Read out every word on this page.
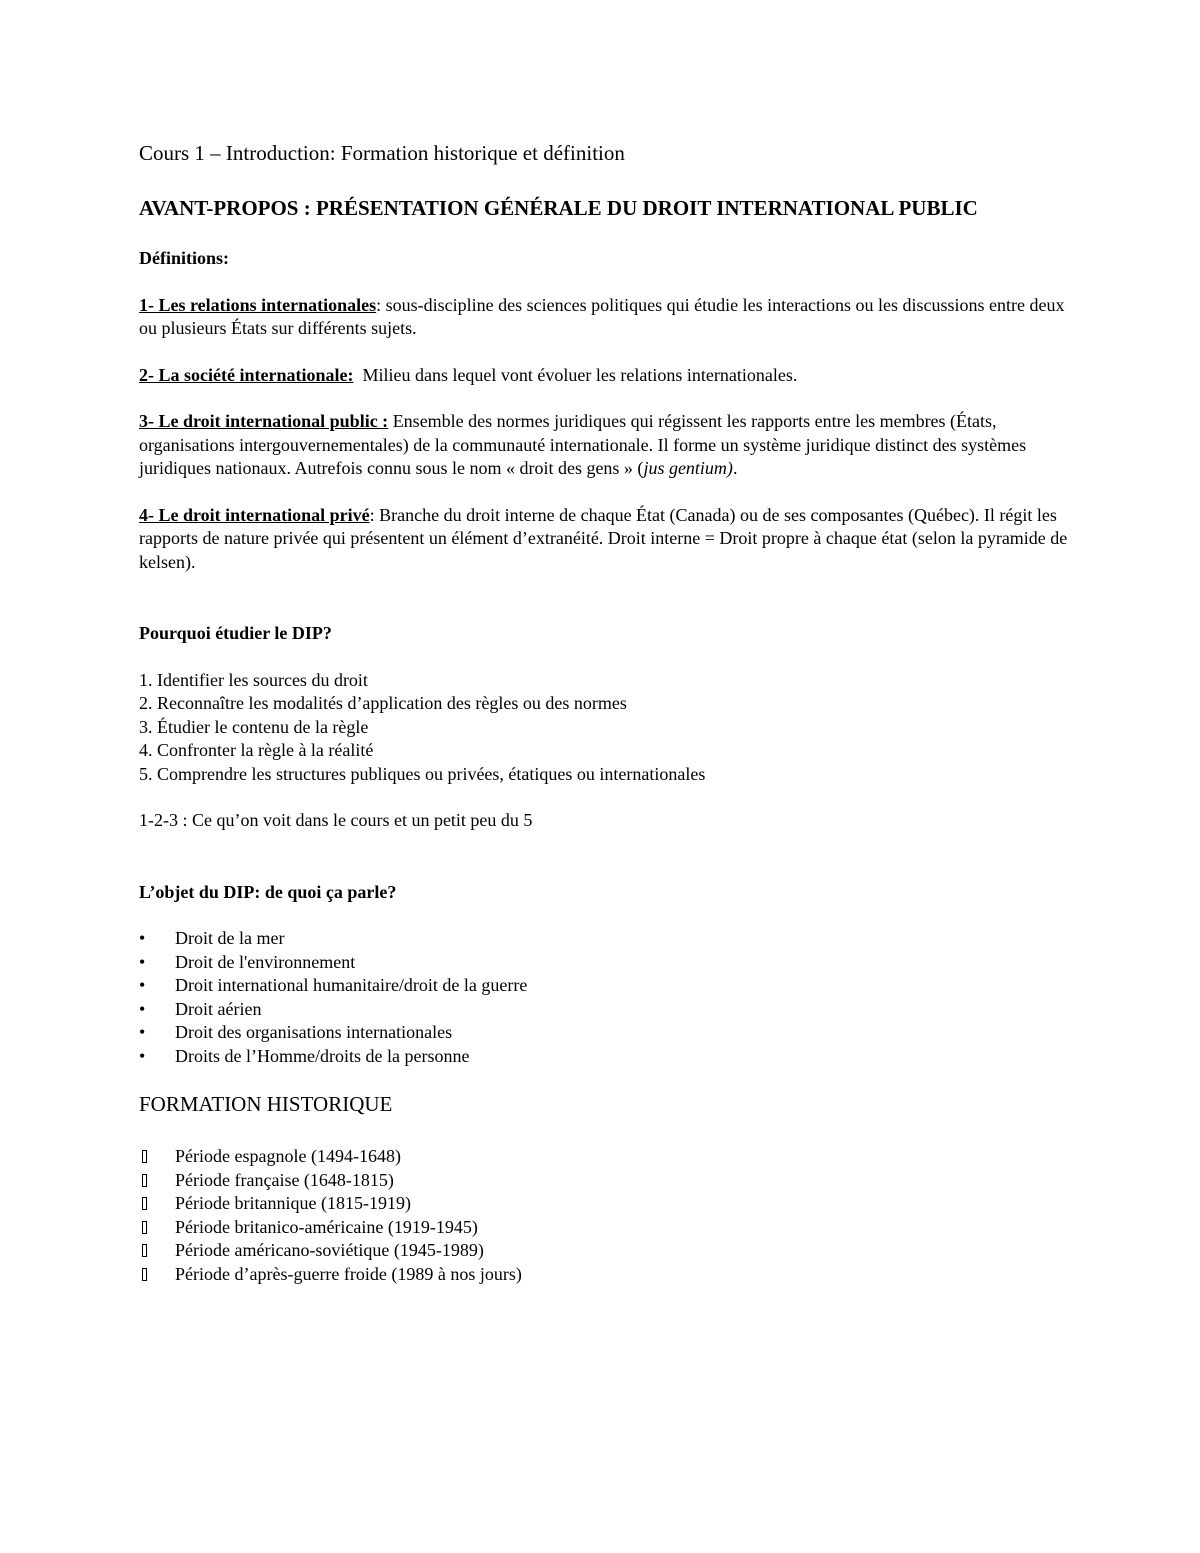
Cours 1 – Introduction: Formation historique et définition
AVANT-PROPOS : PRÉSENTATION GÉNÉRALE DU DROIT INTERNATIONAL PUBLIC
Définitions:

1- Les relations internationales: sous-discipline des sciences politiques qui étudie les interactions ou les discussions entre deux ou plusieurs États sur différents sujets.

2- La société internationale:  Milieu dans lequel vont évoluer les relations internationales.

3- Le droit international public : Ensemble des normes juridiques qui régissent les rapports entre les membres (États, organisations intergouvernementales) de la communauté internationale. Il forme un système juridique distinct des systèmes juridiques nationaux. Autrefois connu sous le nom « droit des gens » (jus gentium).

4- Le droit international privé: Branche du droit interne de chaque État (Canada) ou de ses composantes (Québec). Il régit les rapports de nature privée qui présentent un élément d’extranéité. Droit interne = Droit propre à chaque état (selon la pyramide de kelsen).

Pourquoi étudier le DIP?
1. Identifier les sources du droit
2. Reconnaître les modalités d’application des règles ou des normes
3. Étudier le contenu de la règle
4. Confronter la règle à la réalité
5. Comprendre les structures publiques ou privées, étatiques ou internationales

1-2-3 : Ce qu’on voit dans le cours et un petit peu du 5

L’objet du DIP: de quoi ça parle?
•	Droit de la mer
•	Droit de l'environnement
•	Droit international humanitaire/droit de la guerre
•	Droit aérien
•	Droit des organisations internationales
•	Droits de l’Homme/droits de la personne
FORMATION HISTORIQUE
Période espagnole (1494-1648)
Période française (1648-1815)
Période britannique (1815-1919)
Période britanico-américaine (1919-1945)
Période américano-soviétique (1945-1989)
Période d’après-guerre froide (1989 à nos jours)
